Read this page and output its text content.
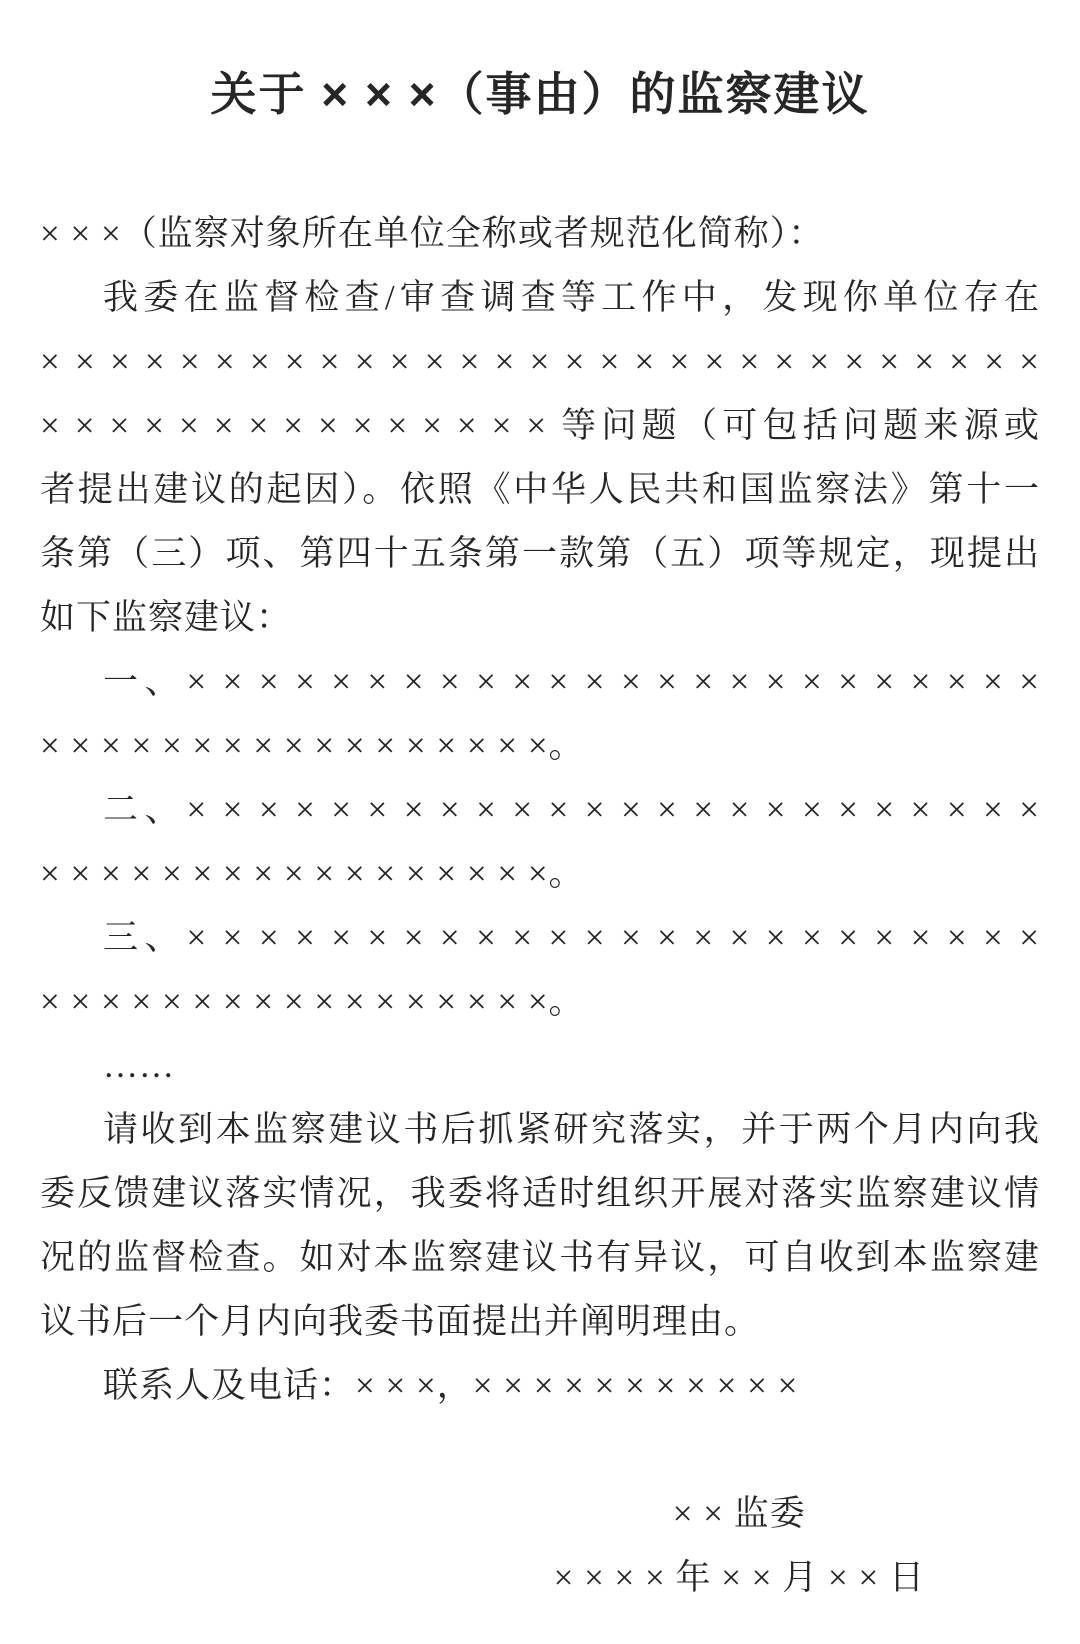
关于 × × ×（事由）的监察建议
× × ×（监察对象所在单位全称或者规范化简称）：
我委在监督检查/审查调查等工作中，发现你单位存在
× × × × × × × × × × × × × × × × × × × × × × × × × × × × ×
× × × × × × × × × × × × × × × 等问题（可包括问题来源或
者提出建议的起因）。依照《中华人民共和国监察法》第十一
条第（三）项、第四十五条第一款第（五）项等规定，现提出
如下监察建议：
一、× × × × × × × × × × × × × × × × × × × × × × × ×
× × × × × × × × × × × × × × × × ×。
二、× × × × × × × × × × × × × × × × × × × × × × × ×
× × × × × × × × × × × × × × × × ×。
三、× × × × × × × × × × × × × × × × × × × × × × × ×
× × × × × × × × × × × × × × × × ×。
……
请收到本监察建议书后抓紧研究落实，并于两个月内向我
委反馈建议落实情况，我委将适时组织开展对落实监察建议情
况的监督检查。如对本监察建议书有异议，可自收到本监察建
议书后一个月内向我委书面提出并阐明理由。
联系人及电话：× × ×，× × × × × × × × × × ×
× × 监委
× × × × 年 × × 月 × × 日
